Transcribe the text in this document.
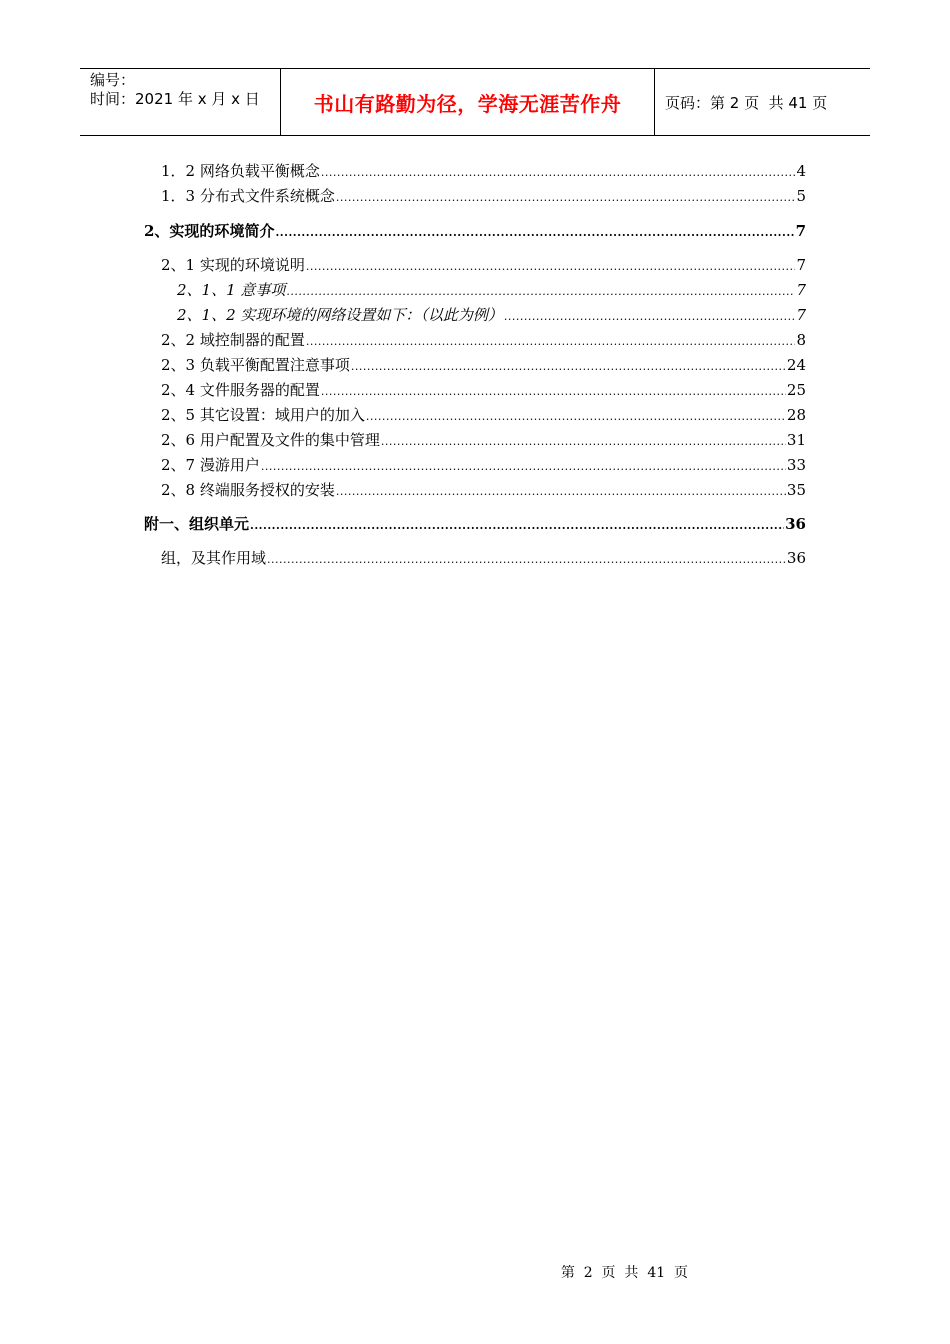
编号：
时间：2021 年 x 月 x 日	书山有路勤为径，学海无涯苦作舟	页码：第 2 页  共 41 页
1．2 网络负载平衡概念 .....	4
1．3 分布式文件系统概念 .....	5
2、实现的环境简介 .....	7
2、1 实现的环境说明 .....	7
2、1、1 意事项 .....	7
2、1、2 实现环境的网络设置如下：（以此为例） .....	7
2、2 域控制器的配置 .....	8
2、3 负载平衡配置注意事项 .....	24
2、4 文件服务器的配置 .....	25
2、5 其它设置：域用户的加入 .....	28
2、6 用户配置及文件的集中管理 .....	31
2、7 漫游用户 .....	33
2、8 终端服务授权的安装 .....	35
附一、组织单元 .....	36
组，及其作用域 .....	36

第  2  页  共  41  页
